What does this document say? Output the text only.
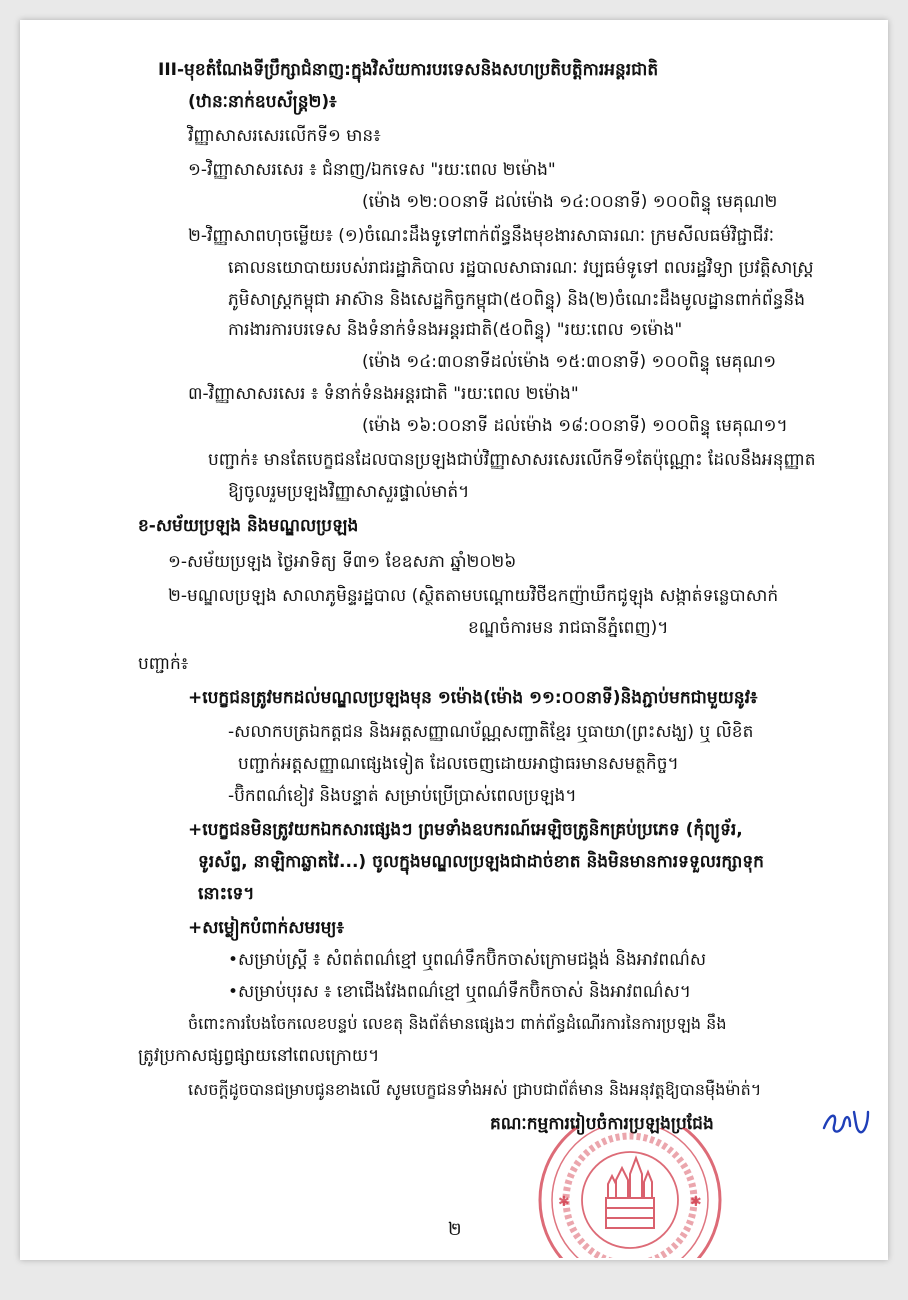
III-មុខតំណែងទីប្រឹក្សាជំនាញ:ក្នុងវិស័យការបរទេសនិងសហប្រតិបត្តិការអន្តរជាតិ
(ឋានៈនាក់ឧបស័ន្ត្រ២)៖
វិញ្ញាសាសរសេរលើកទី១ មាន៖
១-វិញ្ញាសាសរសេរ ៖ ជំនាញ/ឯកទេស "រយៈពេល ២ម៉ោង"
(ម៉ោង ១២:០០នាទី ដល់ម៉ោង ១៤:០០នាទី) ១០០ពិន្ទុ មេគុណ២
២-វិញ្ញាសាពហុចម្លើយ៖ (១)ចំណេះដឹងទូទៅពាក់ព័ន្ធនឹងមុខងារសាធារណៈ ក្រមសីលធម៌វិជ្ជាជីវៈ
គោលនយោបាយរបស់រាជរដ្ឋាភិបាល រដ្ឋបាលសាធារណៈ វប្បធម៌ទូទៅ ពលរដ្ឋវិទ្យា ប្រវត្តិសាស្ត្រ
ភូមិសាស្ត្រកម្ពុជា អាស៊ាន និងសេដ្ឋកិច្ចកម្ពុជា(៥០ពិន្ទុ) និង(២)ចំណេះដឹងមូលដ្ឋានពាក់ព័ន្ធនឹង
ការងារការបរទេស និងទំនាក់ទំនងអន្តរជាតិ(៥០ពិន្ទុ) "រយៈពេល ១ម៉ោង"
(ម៉ោង ១៤:៣០នាទីដល់ម៉ោង ១៥:៣០នាទី) ១០០ពិន្ទុ មេគុណ១
៣-វិញ្ញាសាសរសេរ ៖ ទំនាក់ទំនងអន្តរជាតិ "រយៈពេល ២ម៉ោង"
(ម៉ោង ១៦:០០នាទី ដល់ម៉ោង ១៨:០០នាទី) ១០០ពិន្ទុ មេគុណ១។
បញ្ជាក់៖ មានតែបេក្ខជនដែលបានប្រឡងជាប់វិញ្ញាសាសរសេរលើកទី១តែប៉ុណ្ណោះ ដែលនឹងអនុញ្ញាត
ឱ្យចូលរួមប្រឡងវិញ្ញាសាសួរផ្ទាល់មាត់។
ខ-សម័យប្រឡង និងមណ្ឌលប្រឡង
១-សម័យប្រឡង ថ្ងៃអាទិត្យ ទី៣១ ខែឧសភា ឆ្នាំ២០២៦
២-មណ្ឌលប្រឡង សាលាភូមិន្ទរដ្ឋបាល (ស្ថិតតាមបណ្ដោយវិថីឧកញ៉ាឃឹកជូឡុង សង្កាត់ទន្លេបាសាក់
ខណ្ឌចំការមន រាជធានីភ្នំពេញ)។
បញ្ជាក់៖
+បេក្ខជនត្រូវមកដល់មណ្ឌលប្រឡងមុន ១ម៉ោង(ម៉ោង ១១:០០នាទី)និងភ្ជាប់មកជាមួយនូវ៖
-សលាកបត្រឯកត្តជន និងអត្តសញ្ញាណប័ណ្ណសញ្ជាតិខ្មែរ ឬធាយា(ព្រះសង្ឃ) ឬ លិខិត
បញ្ជាក់អត្តសញ្ញាណផ្សេងទៀត ដែលចេញដោយអាជ្ញាធរមានសមត្ថកិច្ច។
-ប៊ិកពណ៌ខៀវ និងបន្ទាត់ សម្រាប់ប្រើប្រាស់ពេលប្រឡង។
+បេក្ខជនមិនត្រូវយកឯកសារផ្សេងៗ ព្រមទាំងឧបករណ៍អេឡិចត្រូនិកគ្រប់ប្រភេទ (កុំព្យូទ័រ,
ទូរស័ព្ទ, នាឡិកាឆ្លាតវៃ...) ចូលក្នុងមណ្ឌលប្រឡងជាដាច់ខាត និងមិនមានការទទួលរក្សាទុក
នោះទេ។
+សម្លៀកបំពាក់សមរម្យ៖
•សម្រាប់ស្ត្រី ៖ សំពត់ពណ៌ខ្មៅ ឬពណ៌ទឹកប៊ិកចាស់ក្រោមជង្គង់ និងអាវពណ៌ស
•សម្រាប់បុរស ៖ ខោជើងវែងពណ៌ខ្មៅ ឬពណ៌ទឹកប៊ិកចាស់ និងអាវពណ៌ស។
ចំពោះការបែងចែកលេខបន្ទប់ លេខតុ និងព័ត៌មានផ្សេងៗ ពាក់ព័ន្ធដំណើរការនៃការប្រឡង នឹង
ត្រូវប្រកាសផ្សព្វផ្សាយនៅពេលក្រោយ។
សេចក្ដីដូចបានជម្រាបជូនខាងលើ សូមបេក្ខជនទាំងអស់ ជ្រាបជាព័ត៌មាន និងអនុវត្តឱ្យបានម៉ឺងម៉ាត់។
គណៈកម្មការរៀបចំការប្រឡងប្រជែង
✱	✱
២
